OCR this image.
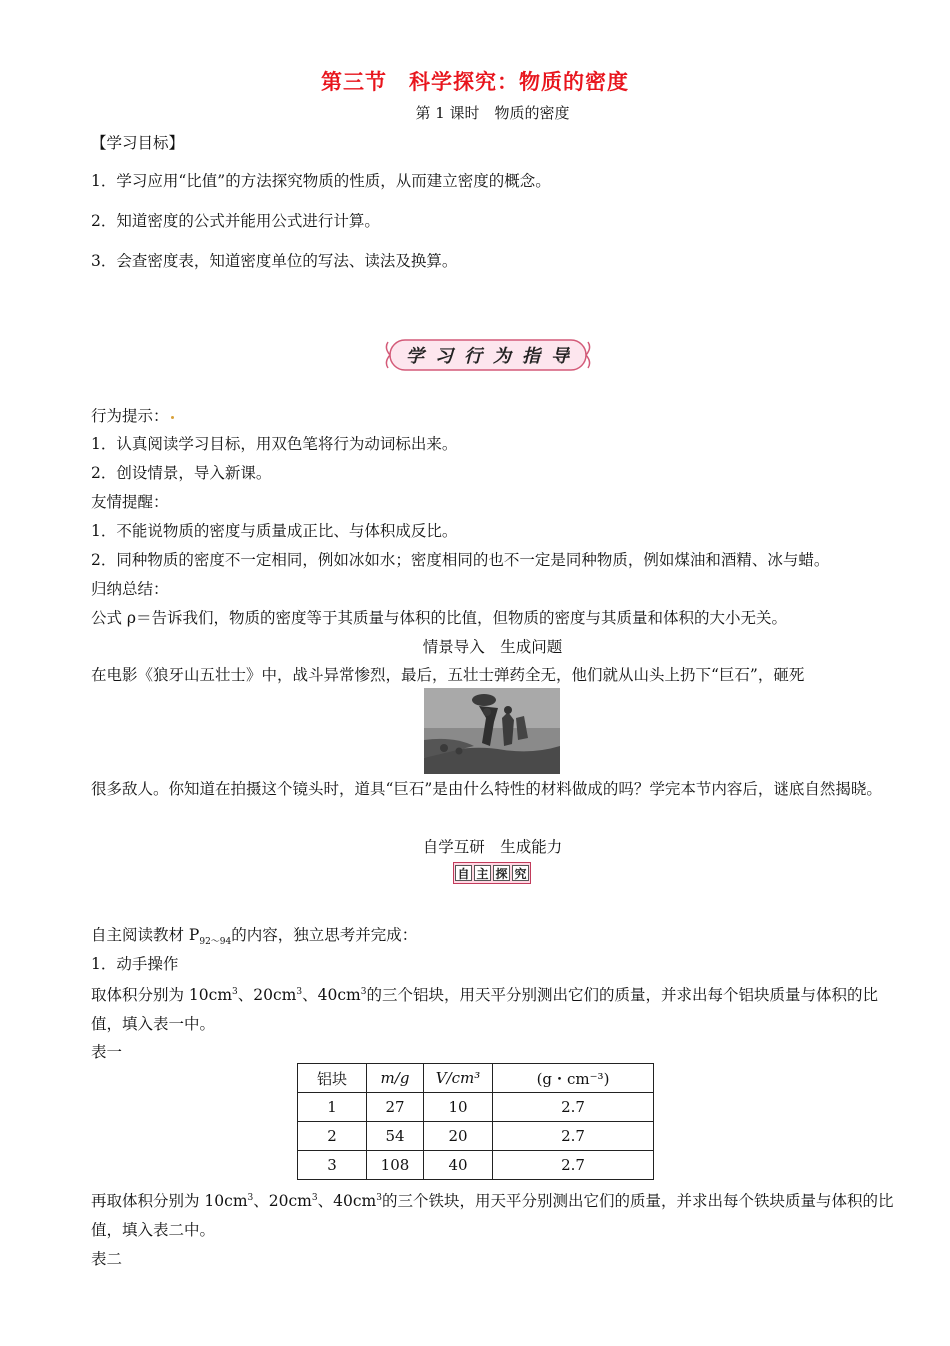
第三节　科学探究：物质的密度
第 1 课时　物质的密度
【学习目标】
1．学习应用“比值”的方法探究物质的性质，从而建立密度的概念。
2．知道密度的公式并能用公式进行计算。
3．会查密度表，知道密度单位的写法、读法及换算。
学 习 行 为 指 导
行为提示：
1．认真阅读学习目标，用双色笔将行为动词标出来。
2．创设情景，导入新课。
友情提醒：
1．不能说物质的密度与质量成正比、与体积成反比。
2．同种物质的密度不一定相同，例如冰如水；密度相同的也不一定是同种物质，例如煤油和酒精、冰与蜡。
归纳总结：
公式 ρ＝告诉我们，物质的密度等于其质量与体积的比值，但物质的密度与其质量和体积的大小无关。
情景导入　生成问题
在电影《狼牙山五壮士》中，战斗异常惨烈，最后，五壮士弹药全无，他们就从山头上扔下“巨石”，砸死
很多敌人。你知道在拍摄这个镜头时，道具“巨石”是由什么特性的材料做成的吗？学完本节内容后，谜底自然揭晓。
自学互研　生成能力
自 主 探 究
自主阅读教材 $P_{92\sim 94}$的内容，独立思考并完成：
1．动手操作
取体积分别为 $10cm^3$、$20cm^3$、$40cm^3$的三个铝块，用天平分别测出它们的质量，并求出每个铝块质量与体积的比值，填入表一中。
表一
铝块	m/g	V/cm³	(g・cm⁻³)
1	27	10	2.7
2	54	20	2.7
3	108	40	2.7
再取体积分别为 $10cm^3$、$20cm^3$、$40cm^3$的三个铁块，用天平分别测出它们的质量，并求出每个铁块质量与体积的比值，填入表二中。
表二
